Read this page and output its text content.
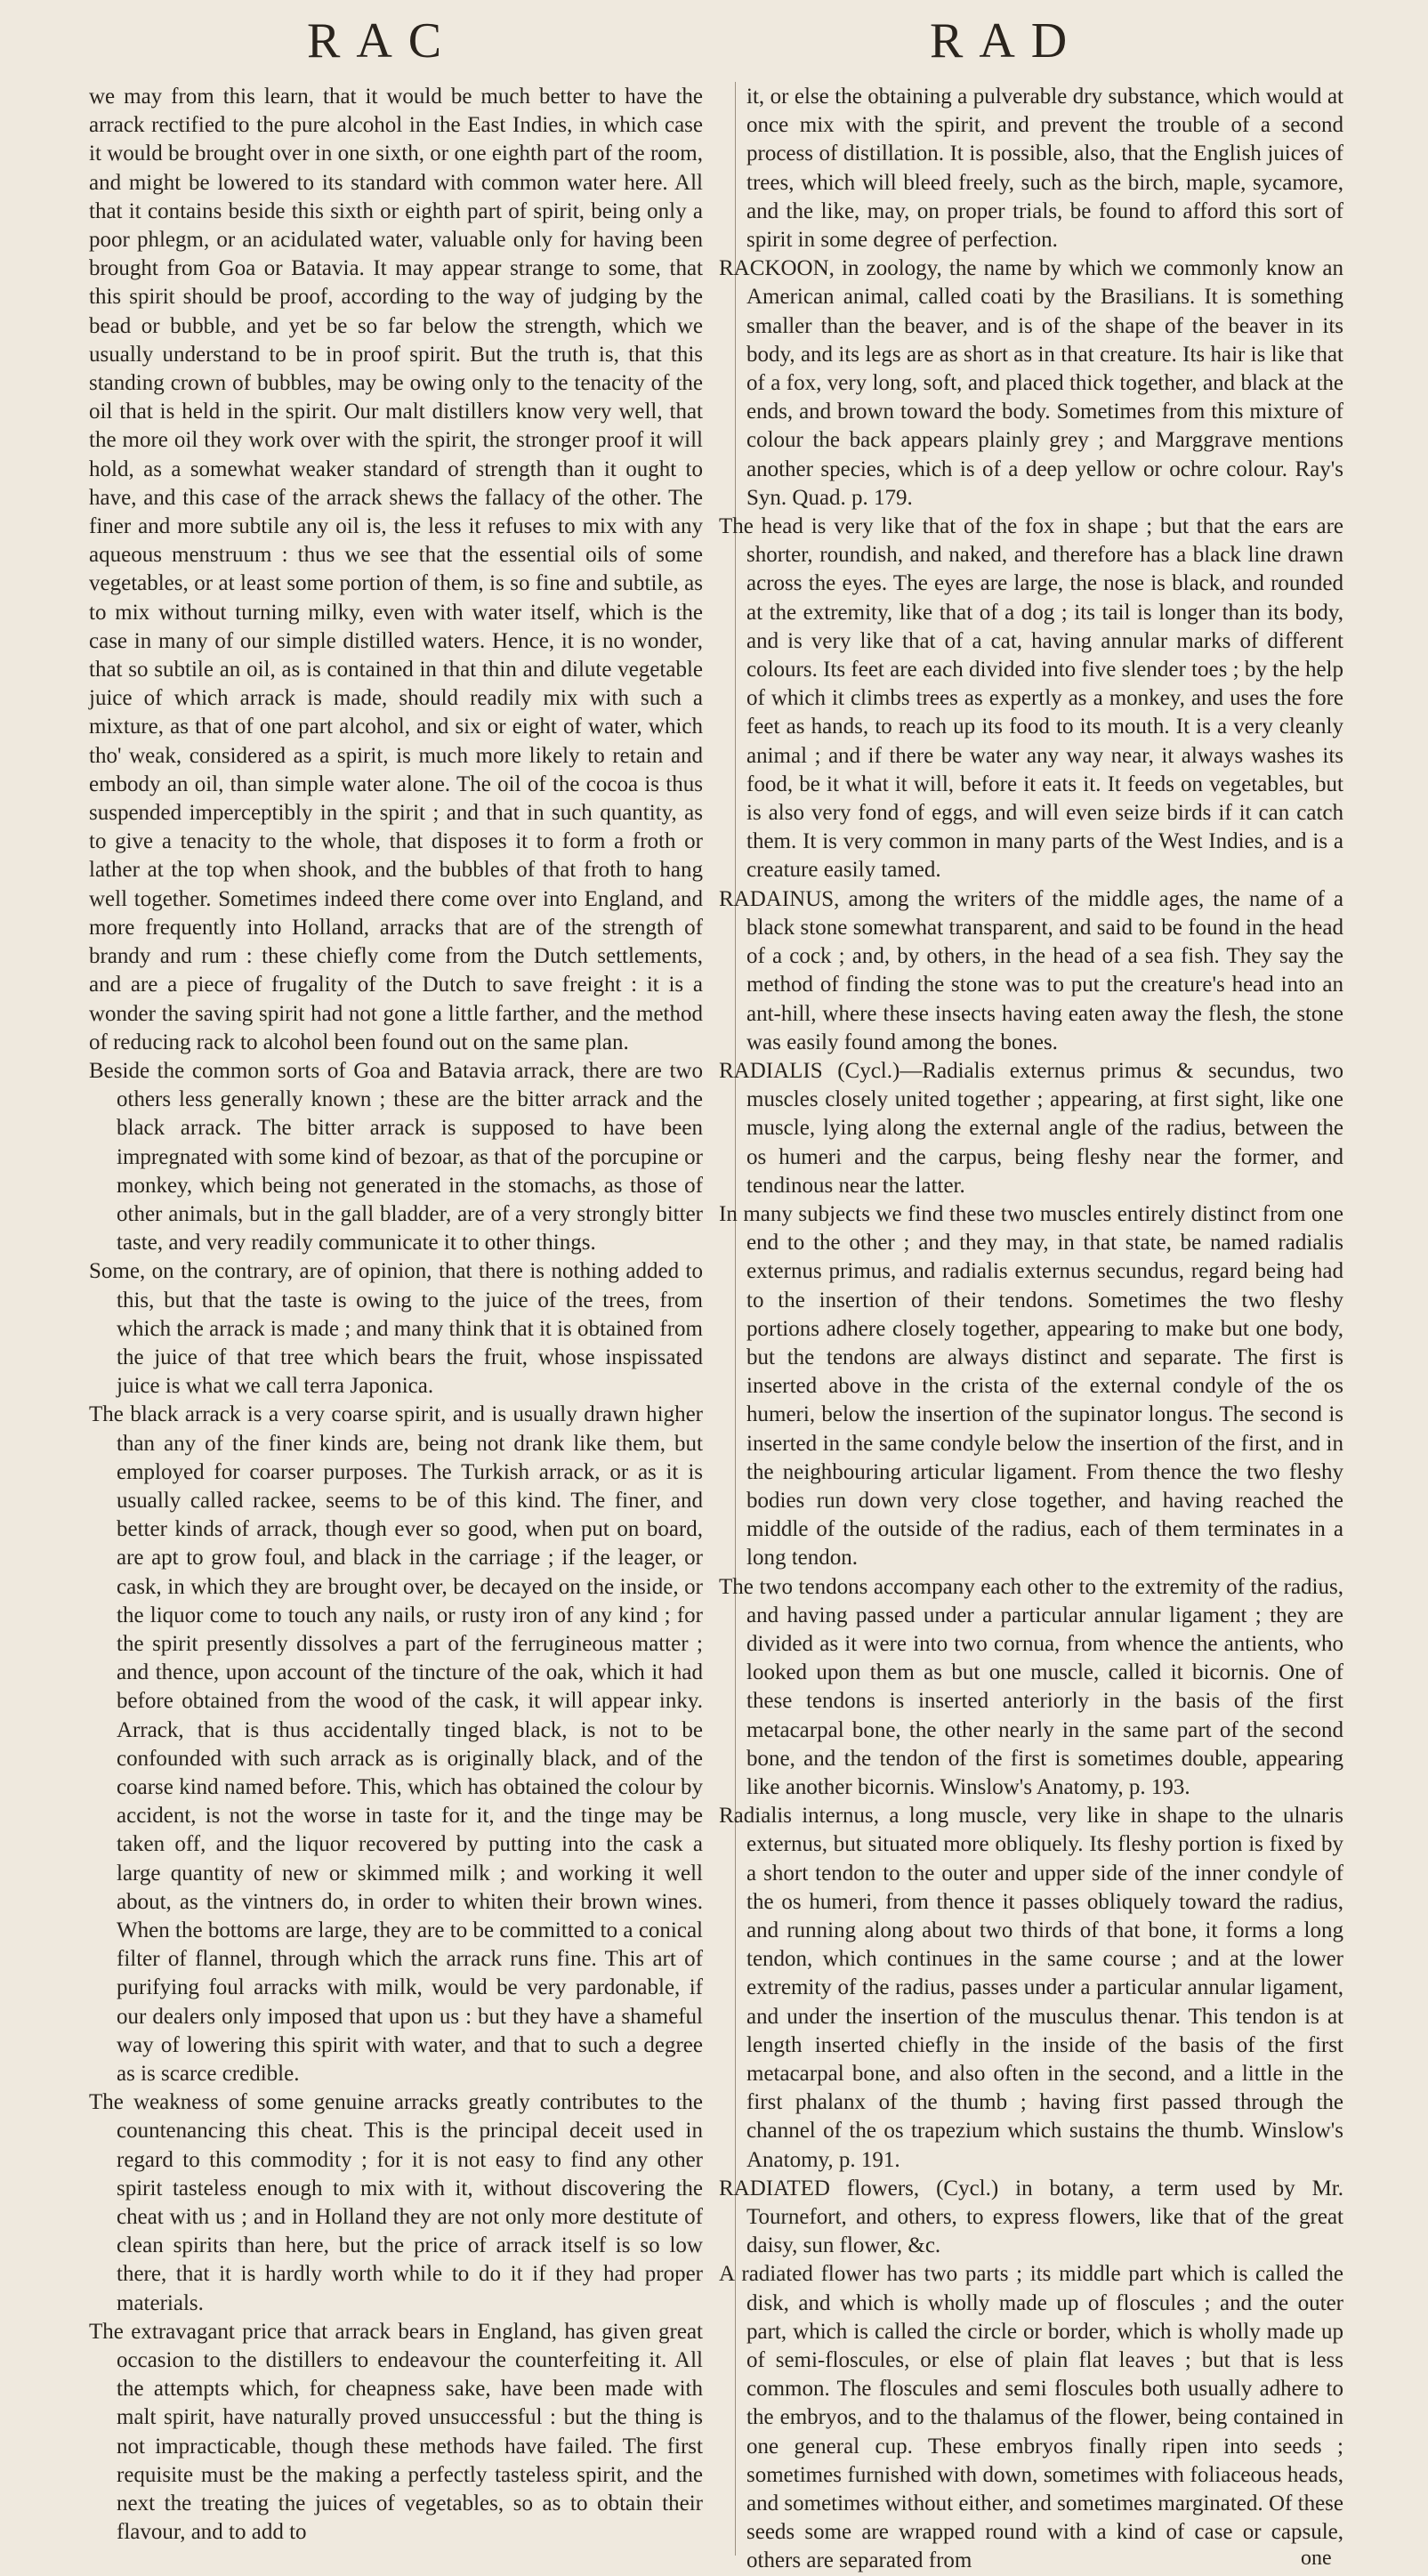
RAC	RAD

we may from this learn, that it would be much better to have the arrack rectified to the pure alcohol in the East Indies, in which case it would be brought over in one sixth, or one eighth part of the room, and might be lowered to its standard with common water here. All that it contains beside this sixth or eighth part of spirit, being only a poor phlegm, or an acidulated water, valuable only for having been brought from Goa or Batavia. It may appear strange to some, that this spirit should be proof, according to the way of judging by the bead or bubble, and yet be so far below the strength, which we usually understand to be in proof spirit. But the truth is, that this standing crown of bubbles, may be owing only to the tenacity of the oil that is held in the spirit. Our malt distillers know very well, that the more oil they work over with the spirit, the stronger proof it will hold, as a somewhat weaker standard of strength than it ought to have, and this case of the arrack shews the fallacy of the other. The finer and more subtile any oil is, the less it refuses to mix with any aqueous menstruum : thus we see that the essential oils of some vegetables, or at least some portion of them, is so fine and subtile, as to mix without turning milky, even with water itself, which is the case in many of our simple distilled waters. Hence, it is no wonder, that so subtile an oil, as is contained in that thin and dilute vegetable juice of which arrack is made, should readily mix with such a mixture, as that of one part alcohol, and six or eight of water, which tho' weak, considered as a spirit, is much more likely to retain and embody an oil, than simple water alone. The oil of the cocoa is thus suspended imperceptibly in the spirit ; and that in such quantity, as to give a tenacity to the whole, that disposes it to form a froth or lather at the top when shook, and the bubbles of that froth to hang well together. Sometimes indeed there come over into England, and more frequently into Holland, arracks that are of the strength of brandy and rum : these chiefly come from the Dutch settlements, and are a piece of frugality of the Dutch to save freight : it is a wonder the saving spirit had not gone a little farther, and the method of reducing rack to alcohol been found out on the same plan.

Beside the common sorts of Goa and Batavia arrack, there are two others less generally known ; these are the bitter arrack and the black arrack. The bitter arrack is supposed to have been impregnated with some kind of bezoar, as that of the porcupine or monkey, which being not generated in the stomachs, as those of other animals, but in the gall bladder, are of a very strongly bitter taste, and very readily communicate it to other things.

Some, on the contrary, are of opinion, that there is nothing added to this, but that the taste is owing to the juice of the trees, from which the arrack is made ; and many think that it is obtained from the juice of that tree which bears the fruit, whose inspissated juice is what we call terra Japonica.

The black arrack is a very coarse spirit, and is usually drawn higher than any of the finer kinds are, being not drank like them, but employed for coarser purposes. The Turkish arrack, or as it is usually called rackee, seems to be of this kind. The finer, and better kinds of arrack, though ever so good, when put on board, are apt to grow foul, and black in the carriage ; if the leager, or cask, in which they are brought over, be decayed on the inside, or the liquor come to touch any nails, or rusty iron of any kind ; for the spirit presently dissolves a part of the ferrugineous matter ; and thence, upon account of the tincture of the oak, which it had before obtained from the wood of the cask, it will appear inky. Arrack, that is thus accidentally tinged black, is not to be confounded with such arrack as is originally black, and of the coarse kind named before. This, which has obtained the colour by accident, is not the worse in taste for it, and the tinge may be taken off, and the liquor recovered by putting into the cask a large quantity of new or skimmed milk ; and working it well about, as the vintners do, in order to whiten their brown wines. When the bottoms are large, they are to be committed to a conical filter of flannel, through which the arrack runs fine. This art of purifying foul arracks with milk, would be very pardonable, if our dealers only imposed that upon us : but they have a shameful way of lowering this spirit with water, and that to such a degree as is scarce credible.

The weakness of some genuine arracks greatly contributes to the countenancing this cheat. This is the principal deceit used in regard to this commodity ; for it is not easy to find any other spirit tasteless enough to mix with it, without discovering the cheat with us ; and in Holland they are not only more destitute of clean spirits than here, but the price of arrack itself is so low there, that it is hardly worth while to do it if they had proper materials.

The extravagant price that arrack bears in England, has given great occasion to the distillers to endeavour the counterfeiting it. All the attempts which, for cheapness sake, have been made with malt spirit, have naturally proved unsuccessful : but the thing is not impracticable, though these methods have failed. The first requisite must be the making a perfectly tasteless spirit, and the next the treating the juices of vegetables, so as to obtain their flavour, and to add to

it, or else the obtaining a pulverable dry substance, which would at once mix with the spirit, and prevent the trouble of a second process of distillation. It is possible, also, that the English juices of trees, which will bleed freely, such as the birch, maple, sycamore, and the like, may, on proper trials, be found to afford this sort of spirit in some degree of perfection.

RACKOON, in zoology, the name by which we commonly know an American animal, called coati by the Brasilians. It is something smaller than the beaver, and is of the shape of the beaver in its body, and its legs are as short as in that creature. Its hair is like that of a fox, very long, soft, and placed thick together, and black at the ends, and brown toward the body. Sometimes from this mixture of colour the back appears plainly grey ; and Marggrave mentions another species, which is of a deep yellow or ochre colour. Ray's Syn. Quad. p. 179.

The head is very like that of the fox in shape ; but that the ears are shorter, roundish, and naked, and therefore has a black line drawn across the eyes. The eyes are large, the nose is black, and rounded at the extremity, like that of a dog ; its tail is longer than its body, and is very like that of a cat, having annular marks of different colours. Its feet are each divided into five slender toes ; by the help of which it climbs trees as expertly as a monkey, and uses the fore feet as hands, to reach up its food to its mouth. It is a very cleanly animal ; and if there be water any way near, it always washes its food, be it what it will, before it eats it. It feeds on vegetables, but is also very fond of eggs, and will even seize birds if it can catch them. It is very common in many parts of the West Indies, and is a creature easily tamed.

RADAINUS, among the writers of the middle ages, the name of a black stone somewhat transparent, and said to be found in the head of a cock ; and, by others, in the head of a sea fish. They say the method of finding the stone was to put the creature's head into an ant-hill, where these insects having eaten away the flesh, the stone was easily found among the bones.

RADIALIS (Cycl.)—Radialis externus primus & secundus, two muscles closely united together ; appearing, at first sight, like one muscle, lying along the external angle of the radius, between the os humeri and the carpus, being fleshy near the former, and tendinous near the latter.

In many subjects we find these two muscles entirely distinct from one end to the other ; and they may, in that state, be named radialis externus primus, and radialis externus secundus, regard being had to the insertion of their tendons. Sometimes the two fleshy portions adhere closely together, appearing to make but one body, but the tendons are always distinct and separate. The first is inserted above in the crista of the external condyle of the os humeri, below the insertion of the supinator longus. The second is inserted in the same condyle below the insertion of the first, and in the neighbouring articular ligament. From thence the two fleshy bodies run down very close together, and having reached the middle of the outside of the radius, each of them terminates in a long tendon.

The two tendons accompany each other to the extremity of the radius, and having passed under a particular annular ligament ; they are divided as it were into two cornua, from whence the antients, who looked upon them as but one muscle, called it bicornis. One of these tendons is inserted anteriorly in the basis of the first metacarpal bone, the other nearly in the same part of the second bone, and the tendon of the first is sometimes double, appearing like another bicornis. Winslow's Anatomy, p. 193.

Radialis internus, a long muscle, very like in shape to the ulnaris externus, but situated more obliquely. Its fleshy portion is fixed by a short tendon to the outer and upper side of the inner condyle of the os humeri, from thence it passes obliquely toward the radius, and running along about two thirds of that bone, it forms a long tendon, which continues in the same course ; and at the lower extremity of the radius, passes under a particular annular ligament, and under the insertion of the musculus thenar. This tendon is at length inserted chiefly in the inside of the basis of the first metacarpal bone, and also often in the second, and a little in the first phalanx of the thumb ; having first passed through the channel of the os trapezium which sustains the thumb. Winslow's Anatomy, p. 191.

RADIATED flowers, (Cycl.) in botany, a term used by Mr. Tournefort, and others, to express flowers, like that of the great daisy, sun flower, &c.

A radiated flower has two parts ; its middle part which is called the disk, and which is wholly made up of floscules ; and the outer part, which is called the circle or border, which is wholly made up of semi-floscules, or else of plain flat leaves ; but that is less common. The floscules and semi floscules both usually adhere to the embryos, and to the thalamus of the flower, being contained in one general cup. These embryos finally ripen into seeds ; sometimes furnished with down, sometimes with foliaceous heads, and sometimes without either, and sometimes marginated. Of these seeds some are wrapped round with a kind of case or capsule, others are separated from	one
